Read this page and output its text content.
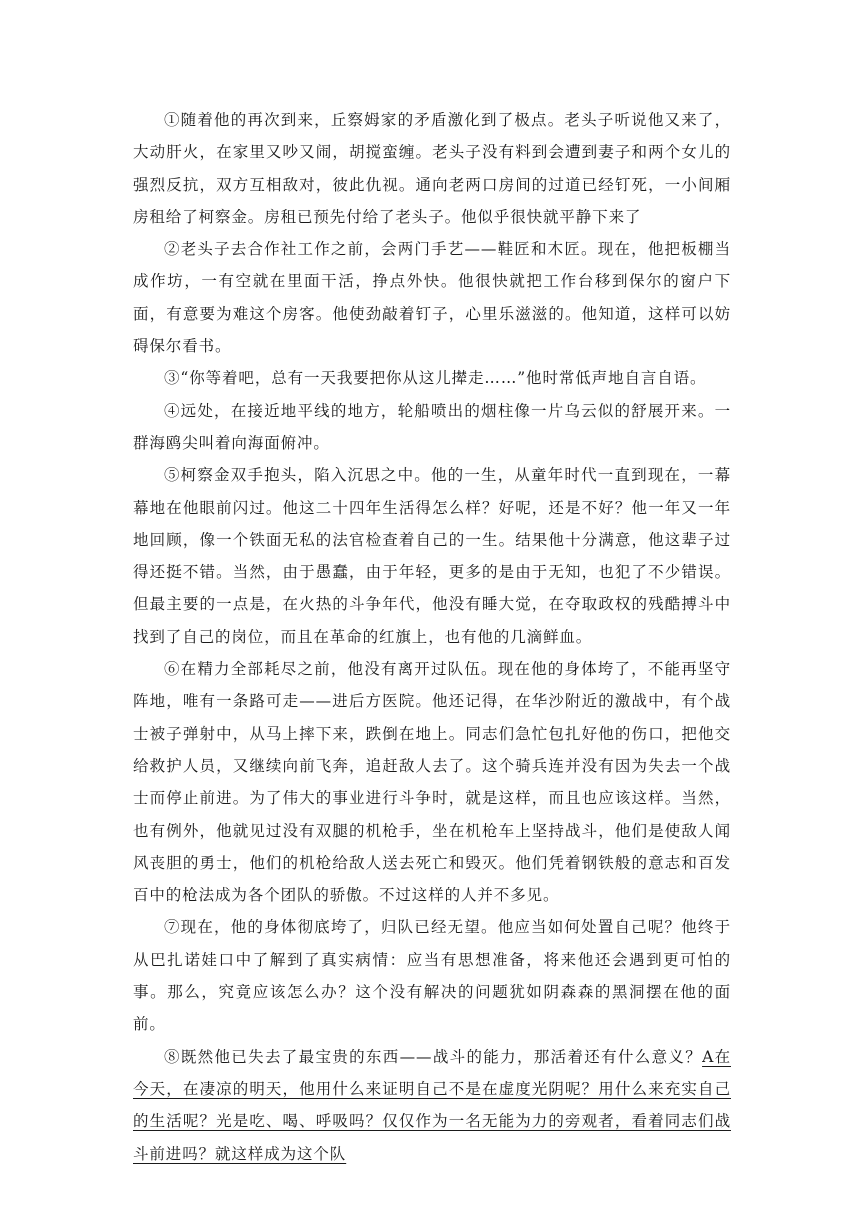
①随着他的再次到来，丘察姆家的矛盾激化到了极点。老头子听说他又来了，大动肝火，在家里又吵又闹，胡搅蛮缠。老头子没有料到会遭到妻子和两个女儿的强烈反抗，双方互相敌对，彼此仇视。通向老两口房间的过道已经钉死，一小间厢房租给了柯察金。房租已预先付给了老头子。他似乎很快就平静下来了

②老头子去合作社工作之前，会两门手艺——鞋匠和木匠。现在，他把板棚当成作坊，一有空就在里面干活，挣点外快。他很快就把工作台移到保尔的窗户下面，有意要为难这个房客。他使劲敲着钉子，心里乐滋滋的。他知道，这样可以妨碍保尔看书。

③“你等着吧，总有一天我要把你从这儿撵走……”他时常低声地自言自语。

④远处，在接近地平线的地方，轮船喷出的烟柱像一片乌云似的舒展开来。一群海鸥尖叫着向海面俯冲。

⑤柯察金双手抱头，陷入沉思之中。他的一生，从童年时代一直到现在，一幕幕地在他眼前闪过。他这二十四年生活得怎么样？好呢，还是不好？他一年又一年地回顾，像一个铁面无私的法官检查着自己的一生。结果他十分满意，他这辈子过得还挺不错。当然，由于愚蠢，由于年轻，更多的是由于无知，也犯了不少错误。但最主要的一点是，在火热的斗争年代，他没有睡大觉，在夺取政权的残酷搏斗中找到了自己的岗位，而且在革命的红旗上，也有他的几滴鲜血。

⑥在精力全部耗尽之前，他没有离开过队伍。现在他的身体垮了，不能再坚守阵地，唯有一条路可走——进后方医院。他还记得，在华沙附近的激战中，有个战士被子弹射中，从马上摔下来，跌倒在地上。同志们急忙包扎好他的伤口，把他交给救护人员，又继续向前飞奔，追赶敌人去了。这个骑兵连并没有因为失去一个战士而停止前进。为了伟大的事业进行斗争时，就是这样，而且也应该这样。当然，也有例外，他就见过没有双腿的机枪手，坐在机枪车上坚持战斗，他们是使敌人闻风丧胆的勇士，他们的机枪给敌人送去死亡和毁灭。他们凭着钢铁般的意志和百发百中的枪法成为各个团队的骄傲。不过这样的人并不多见。

⑦现在，他的身体彻底垮了，归队已经无望。他应当如何处置自己呢？他终于从巴扎诺娃口中了解到了真实病情：应当有思想准备，将来他还会遇到更可怕的事。那么，究竟应该怎么办？这个没有解决的问题犹如阴森森的黑洞摆在他的面前。

⑧既然他已失去了最宝贵的东西——战斗的能力，那活着还有什么意义？A在今天，在凄凉的明天，他用什么来证明自己不是在虚度光阴呢？用什么来充实自己的生活呢？光是吃、喝、呼吸吗？仅仅作为一名无能为力的旁观者，看着同志们战斗前进吗？就这样成为这个队
